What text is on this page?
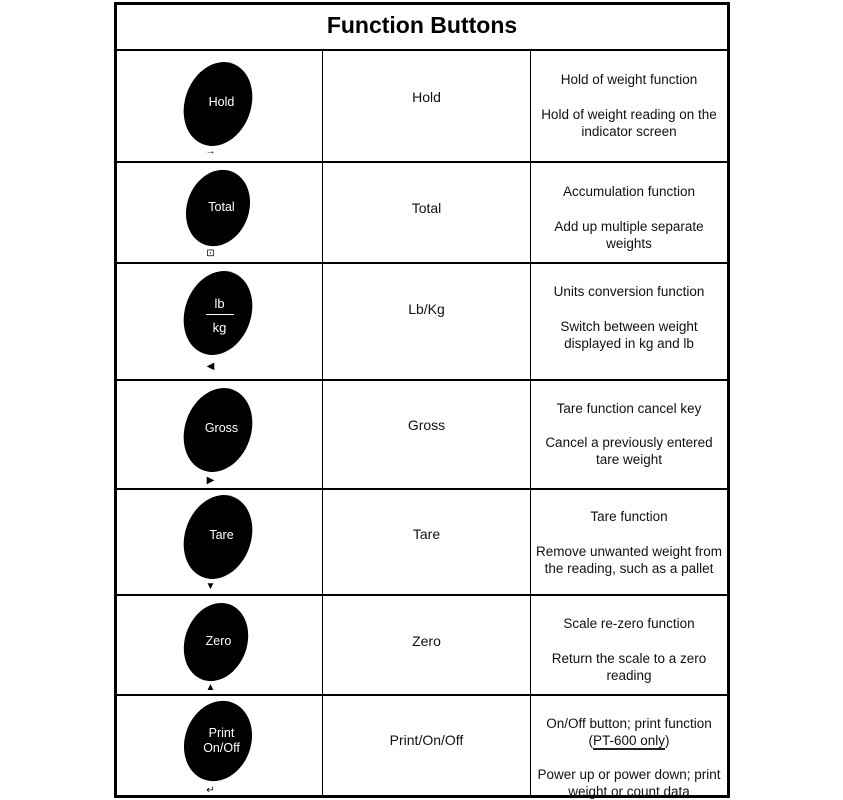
Function Buttons
Hold
→
Hold
Hold of weight function
Hold of weight reading on the indicator screen
Total
⊡
Total
Accumulation function
Add up multiple separate weights
lb
kg
◀
Lb/Kg
Units conversion function
Switch between weight displayed in kg and lb
Gross
▶
Gross
Tare function cancel key
Cancel a previously entered tare weight
Tare
▼
Tare
Tare function
Remove unwanted weight from the reading, such as a pallet
Zero
▲
Zero
Scale re-zero function
Return the scale to a zero reading
Print
On/Off
↵
Print/On/Off
On/Off button; print function
(PT-600 only)
Power up or power down; print weight or count data
